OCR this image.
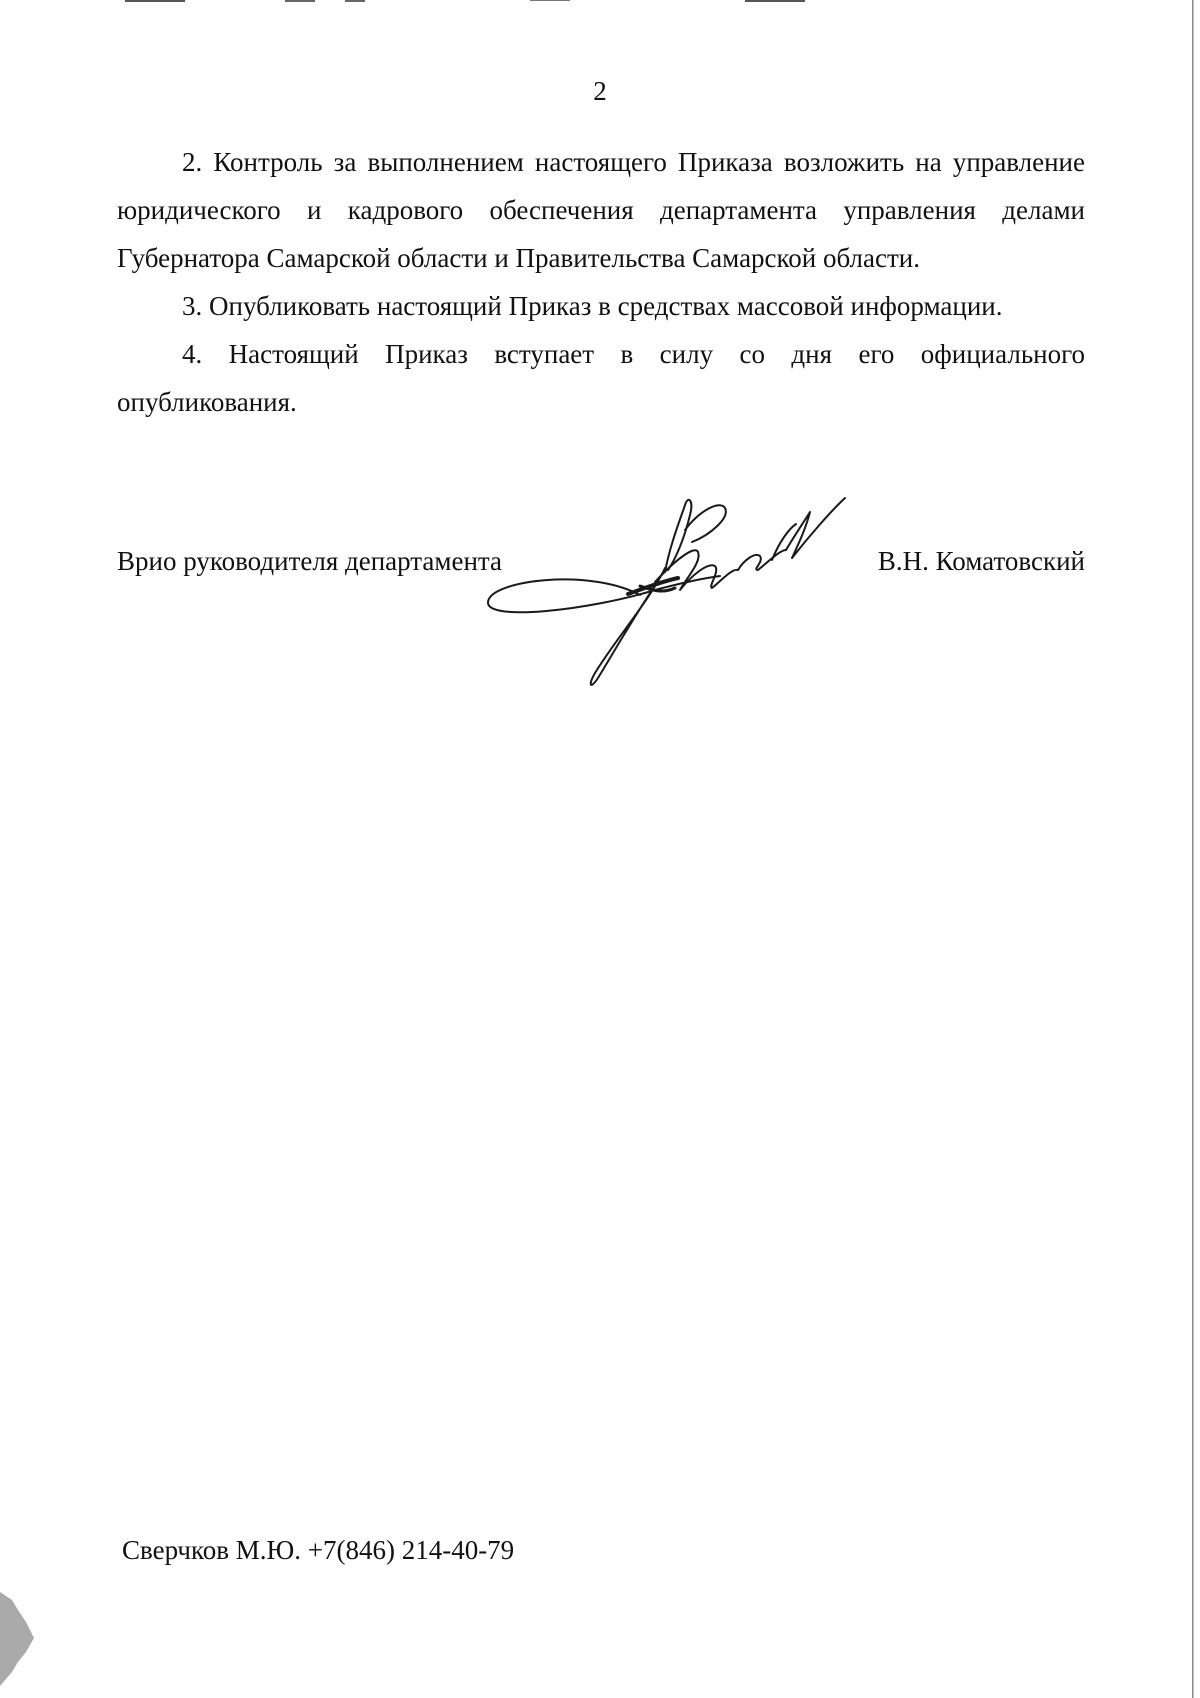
2

2. Контроль за выполнением настоящего Приказа возложить на управление юридического и кадрового обеспечения департамента управления делами Губернатора Самарской области и Правительства Самарской области.

3. Опубликовать настоящий Приказ в средствах массовой информации.

4. Настоящий Приказ вступает в силу со дня его официального опубликования.

Врио руководителя департамента	В.Н. Коматовский
Сверчков М.Ю. +7(846) 214-40-79
